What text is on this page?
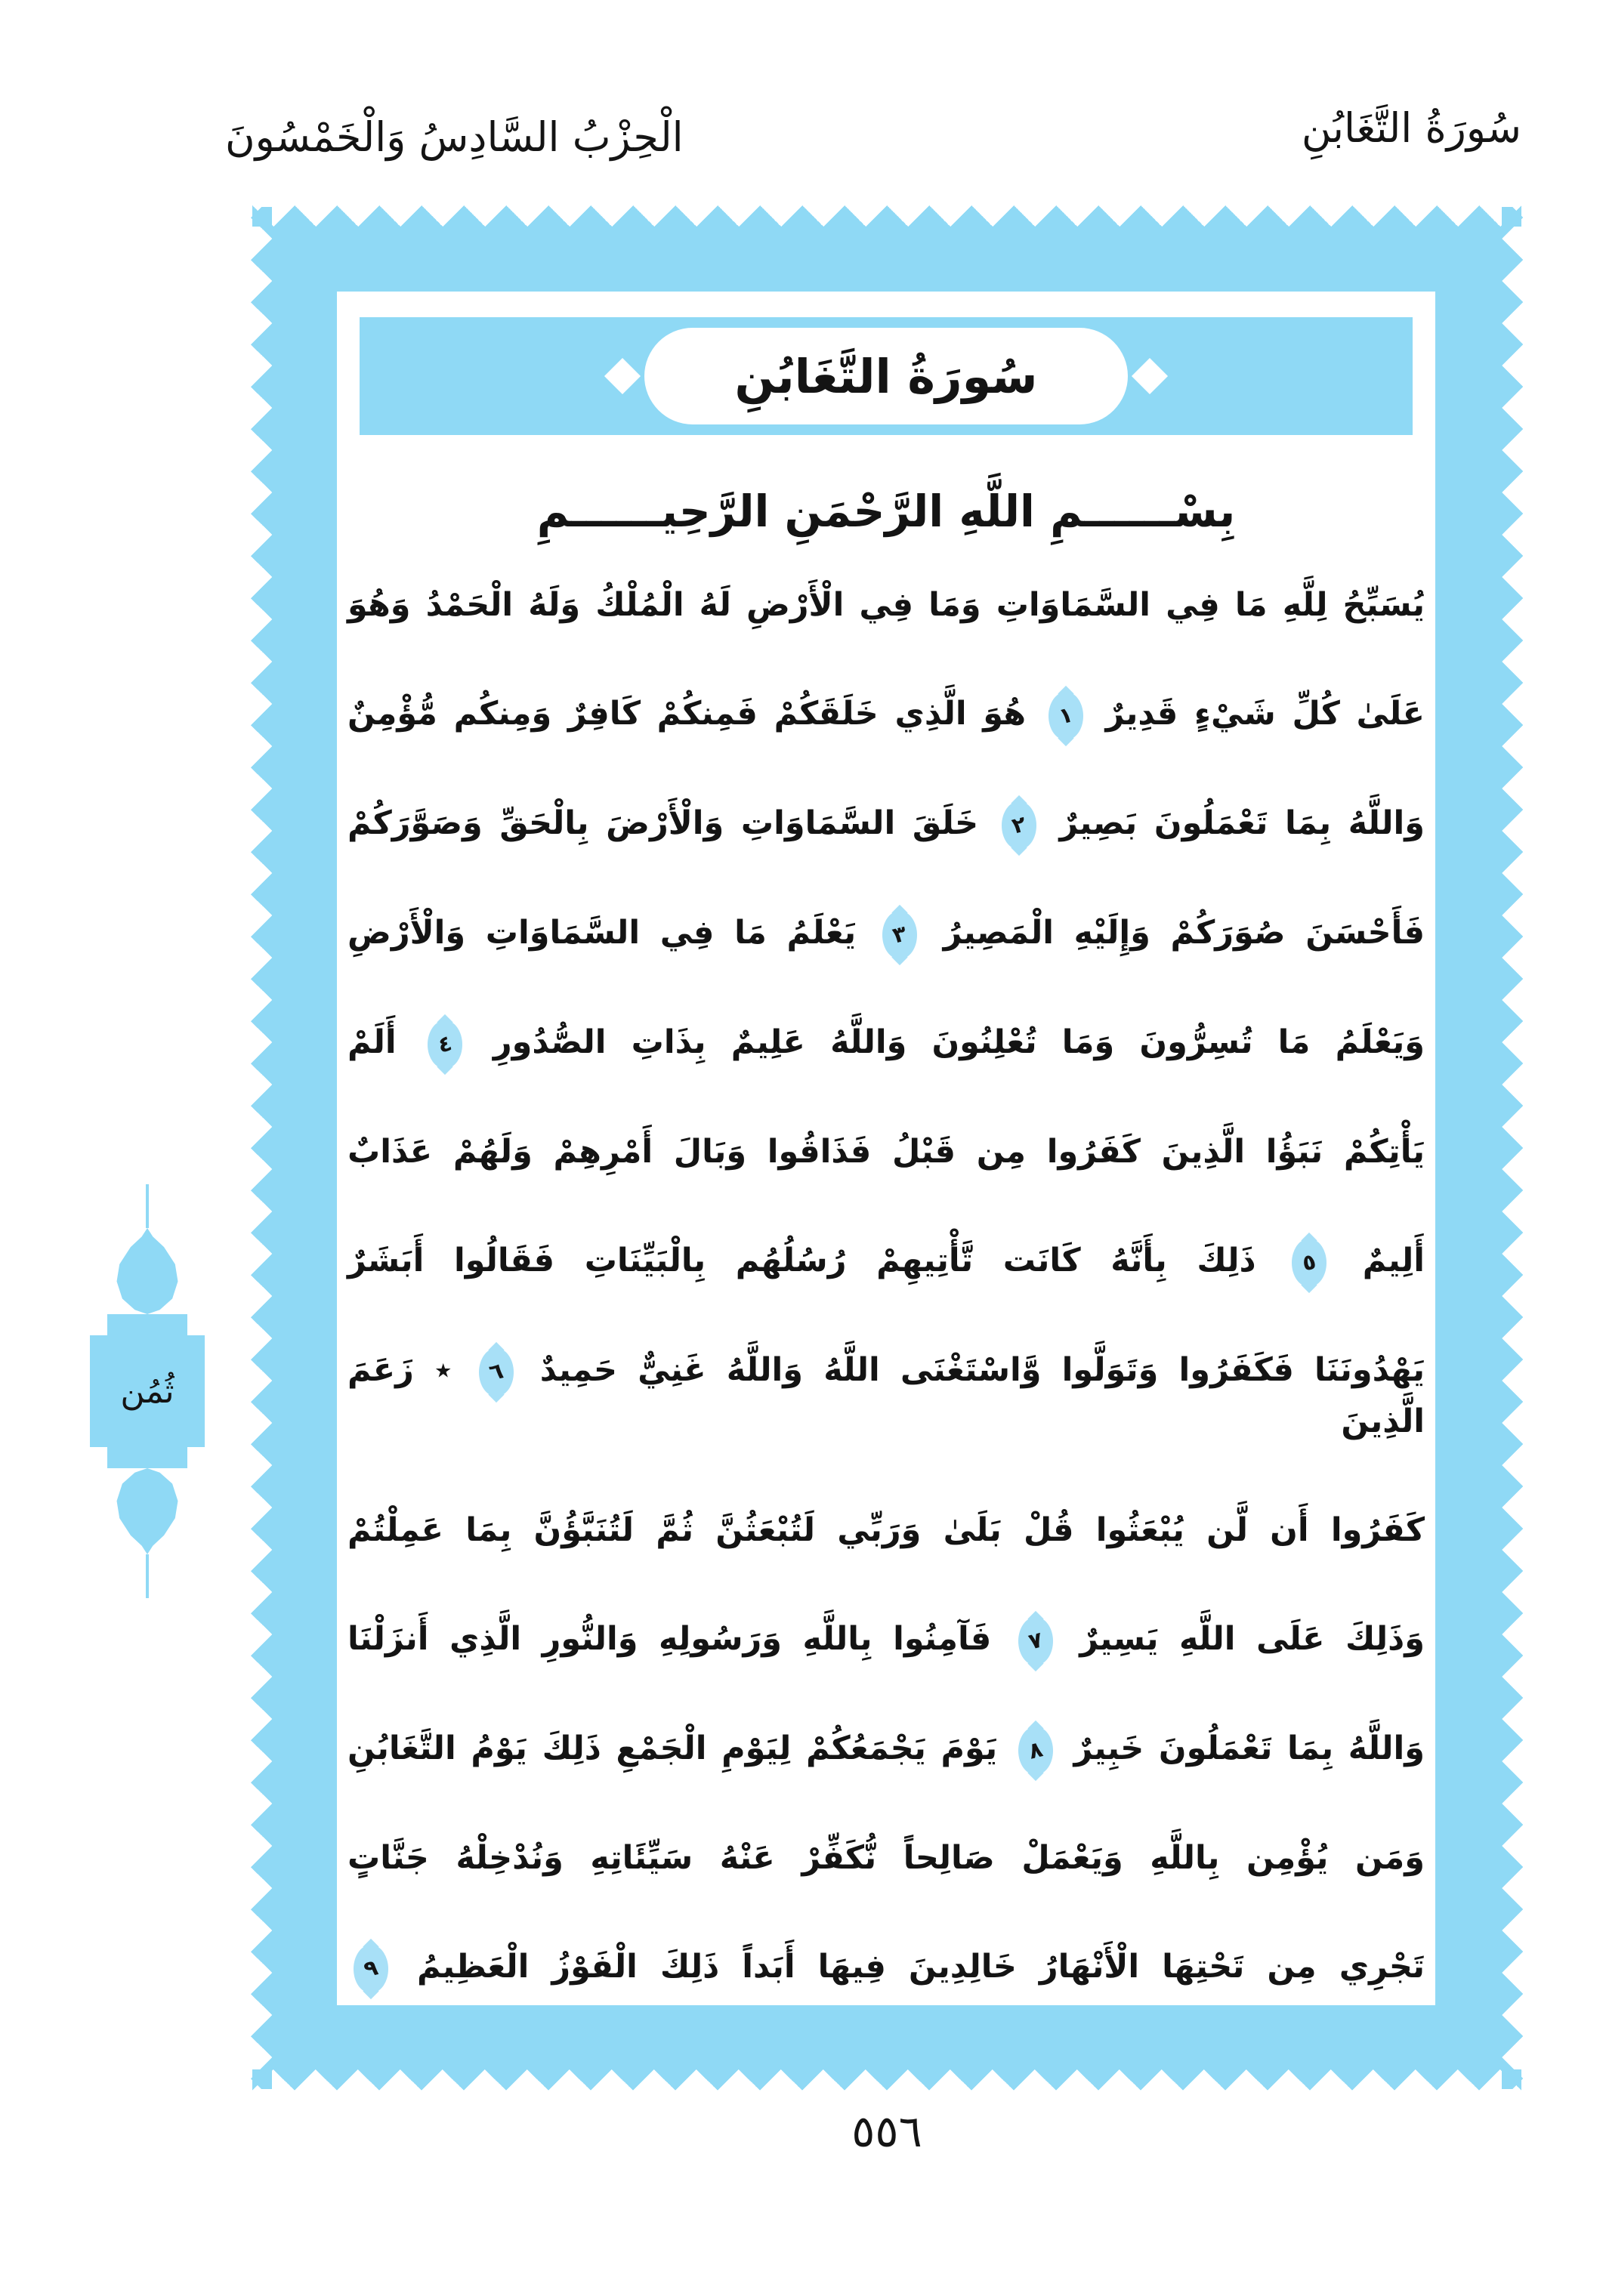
الْحِزْبُ السَّادِسُ وَالْخَمْسُونَ	سُورَةُ التَّغَابُنِ
ثُمُن
سُورَةُ التَّغَابُنِ
بِسْــــــمِ اللَّهِ الرَّحْمَنِ الرَّحِيــــــمِ
يُسَبِّحُ لِلَّهِ مَا فِي السَّمَاوَاتِ وَمَا فِي الْأَرْضِ لَهُ الْمُلْكُ وَلَهُ الْحَمْدُ وَهُوَ
عَلَىٰ كُلِّ شَيْءٍ قَدِيرٌ
١
هُوَ الَّذِي خَلَقَكُمْ فَمِنكُمْ كَافِرٌ وَمِنكُم مُّؤْمِنٌ
وَاللَّهُ بِمَا تَعْمَلُونَ بَصِيرٌ
٢
خَلَقَ السَّمَاوَاتِ وَالْأَرْضَ بِالْحَقِّ وَصَوَّرَكُمْ
فَأَحْسَنَ صُوَرَكُمْ وَإِلَيْهِ الْمَصِيرُ
٣
يَعْلَمُ مَا فِي السَّمَاوَاتِ وَالْأَرْضِ
وَيَعْلَمُ مَا تُسِرُّونَ وَمَا تُعْلِنُونَ وَاللَّهُ عَلِيمٌ بِذَاتِ الصُّدُورِ
٤
أَلَمْ
يَأْتِكُمْ نَبَؤُا الَّذِينَ كَفَرُوا مِن قَبْلُ فَذَاقُوا وَبَالَ أَمْرِهِمْ وَلَهُمْ عَذَابٌ
أَلِيمٌ
٥
ذَلِكَ بِأَنَّهُ كَانَت تَّأْتِيهِمْ رُسُلُهُم بِالْبَيِّنَاتِ فَقَالُوا أَبَشَرٌ
يَهْدُونَنَا فَكَفَرُوا وَتَوَلَّوا وَّاسْتَغْنَى اللَّهُ وَاللَّهُ غَنِيٌّ حَمِيدٌ
٦
٭ زَعَمَ الَّذِينَ
كَفَرُوا أَن لَّن يُبْعَثُوا قُلْ بَلَىٰ وَرَبِّي لَتُبْعَثُنَّ ثُمَّ لَتُنَبَّؤُنَّ بِمَا عَمِلْتُمْ
وَذَلِكَ عَلَى اللَّهِ يَسِيرٌ
٧
فَآمِنُوا بِاللَّهِ وَرَسُولِهِ وَالنُّورِ الَّذِي أَنزَلْنَا
وَاللَّهُ بِمَا تَعْمَلُونَ خَبِيرٌ
٨
يَوْمَ يَجْمَعُكُمْ لِيَوْمِ الْجَمْعِ ذَلِكَ يَوْمُ التَّغَابُنِ
وَمَن يُؤْمِن بِاللَّهِ وَيَعْمَلْ صَالِحاً نُّكَفِّرْ عَنْهُ سَيِّئَاتِهِ وَنُدْخِلْهُ جَنَّاتٍ
تَجْرِي مِن تَحْتِهَا الْأَنْهَارُ خَالِدِينَ فِيهَا أَبَداً ذَلِكَ الْفَوْزُ الْعَظِيمُ
٩
٥٥٦
